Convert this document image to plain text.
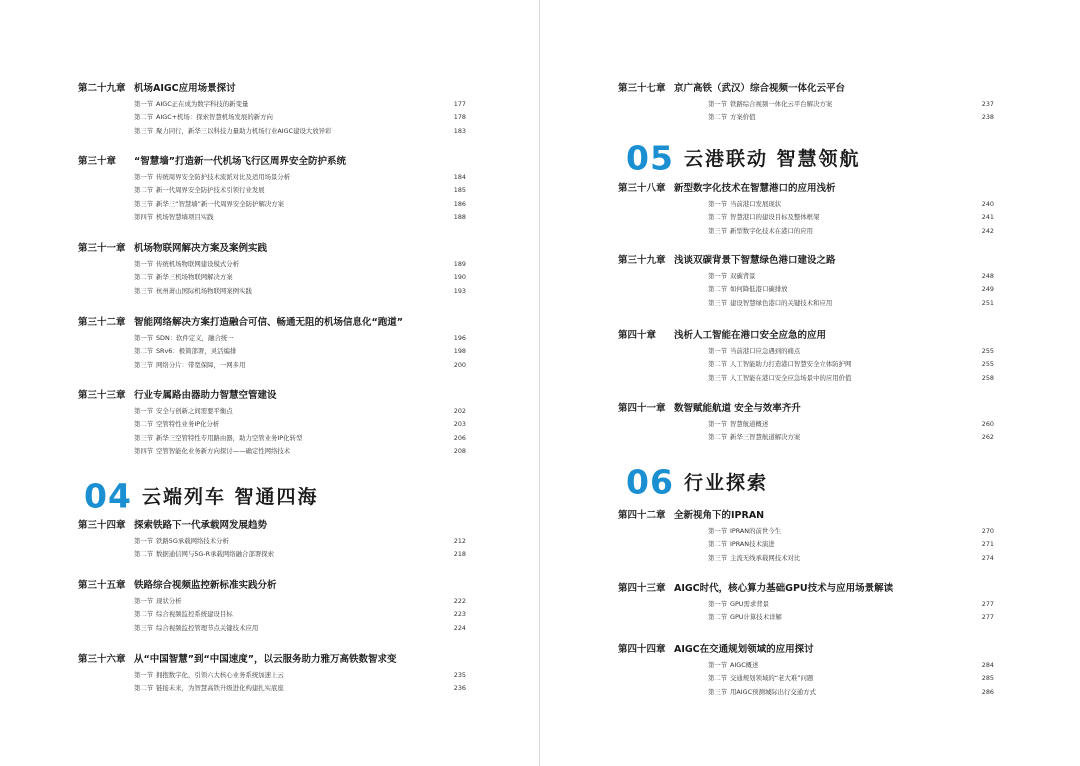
第二十九章 机场AIGC应用场景探讨
第一节 AIGC正在成为数字科技的新变量	177
第二节 AIGC+机场：探索智慧机场发展的新方向	178
第三节 聚力同行，新华三以科技力量助力机场行业AIGC建设大放异彩	183
第三十章 “智慧墙”打造新一代机场飞行区周界安全防护系统
第一节 传统周界安全防护技术流派对比及适用场景分析	184
第二节 新一代周界安全防护技术引领行业发展	185
第三节 新华三“智慧墙”新一代周界安全防护解决方案	186
第四节 机场智慧墙项目实践	188
第三十一章 机场物联网解决方案及案例实践
第一节 传统机场物联网建设模式分析	189
第二节 新华三机场物联网解决方案	190
第三节 杭州萧山国际机场物联网案例实践	193
第三十二章 智能网络解决方案打造融合可信、畅通无阻的机场信息化“跑道”
第一节 SDN：软件定义，融合统一	196
第二节 SRv6：极简部署，灵活编排	198
第三节 网络分片：带宽保障，一网多用	200
第三十三章 行业专属路由器助力智慧空管建设
第一节 安全与创新之间需要平衡点	202
第二节 空管特性业务IP化分析	203
第三节 新华三空管特性专用路由器，助力空管业务IP化转型	206
第四节 空管智能化业务新方向探讨——确定性网络技术	208
04 云端列车 智通四海
第三十四章 探索铁路下一代承载网发展趋势
第一节 铁路5G承载网络技术分析	212
第二节 数据通信网与5G-R承载网络融合部署探索	218
第三十五章 铁路综合视频监控新标准实践分析
第一节 现状分析	222
第二节 综合视频监控系统建设目标	223
第三节 综合视频监控管理节点关键技术应用	224
第三十六章 从“中国智慧”到“中国速度”，以云服务助力雅万高铁数智求变
第一节 拥抱数字化，引领六大核心业务系统加速上云	235
第二节 链接未来，为智慧高铁升级进化构建扎实底座	236
第三十七章 京广高铁（武汉）综合视频一体化云平台
第一节 铁路综合视频一体化云平台解决方案	237
第二节 方案价值	238
05 云港联动 智慧领航
第三十八章 新型数字化技术在智慧港口的应用浅析
第一节 当前港口发展现状	240
第二节 智慧港口的建设目标及整体框架	241
第三节 新型数字化技术在港口的应用	242
第三十九章 浅谈双碳背景下智慧绿色港口建设之路
第一节 双碳背景	248
第二节 如何降低港口碳排放	249
第三节 建设智慧绿色港口的关键技术和应用	251
第四十章 浅析人工智能在港口安全应急的应用
第一节 当前港口应急遇到的痛点	255
第二节 人工智能助力打造港口智慧安全立体防护网	255
第三节 人工智能在港口安全应急场景中的应用价值	258
第四十一章 数智赋能航道 安全与效率齐升
第一节 智慧航道概述	260
第二节 新华三智慧航道解决方案	262
06 行业探索
第四十二章 全新视角下的IPRAN
第一节 IPRAN的前世今生	270
第二节 IPRAN技术演进	271
第三节 主流无线承载网技术对比	274
第四十三章 AIGC时代，核心算力基础GPU技术与应用场景解读
第一节 GPU需求背景	277
第二节 GPU计算技术详解	277
第四十四章 AIGC在交通规划领域的应用探讨
第一节 AIGC概述	284
第二节 交通规划领域的“老大难”问题	285
第三节 用AIGC预测城际出行交通方式	286
